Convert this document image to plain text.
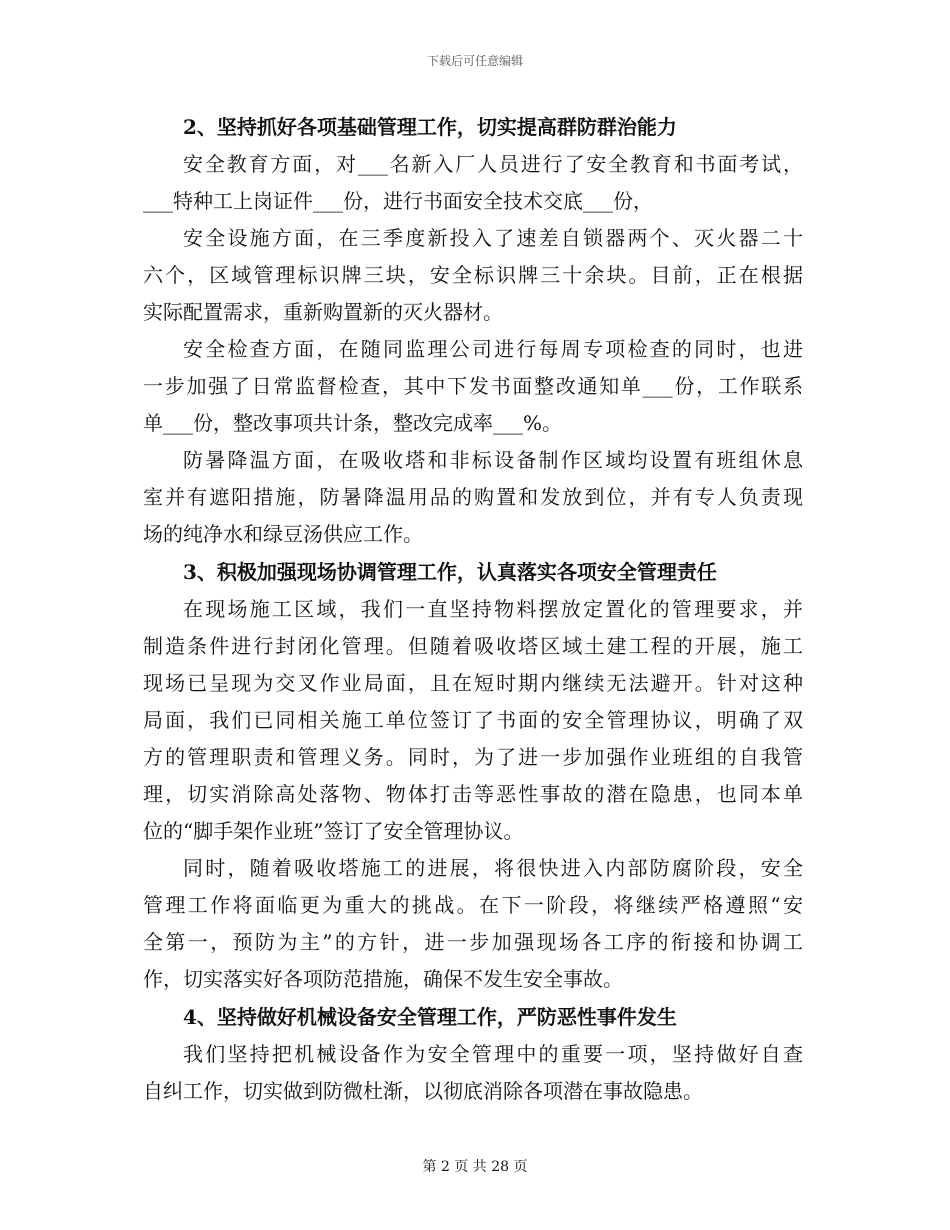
下载后可任意编辑
2、坚持抓好各项基础管理工作，切实提高群防群治能力
安全教育方面，对___名新入厂人员进行了安全教育和书面考试，
___特种工上岗证件___份，进行书面安全技术交底___份，
安全设施方面，在三季度新投入了速差自锁器两个、灭火器二十
六个，区域管理标识牌三块，安全标识牌三十余块。目前，正在根据
实际配置需求，重新购置新的灭火器材。
安全检查方面，在随同监理公司进行每周专项检查的同时，也进
一步加强了日常监督检查，其中下发书面整改通知单___份，工作联系
单___份，整改事项共计条，整改完成率___%。
防暑降温方面，在吸收塔和非标设备制作区域均设置有班组休息
室并有遮阳措施，防暑降温用品的购置和发放到位，并有专人负责现
场的纯净水和绿豆汤供应工作。
3、积极加强现场协调管理工作，认真落实各项安全管理责任
在现场施工区域，我们一直坚持物料摆放定置化的管理要求，并
制造条件进行封闭化管理。但随着吸收塔区域土建工程的开展，施工
现场已呈现为交叉作业局面，且在短时期内继续无法避开。针对这种
局面，我们已同相关施工单位签订了书面的安全管理协议，明确了双
方的管理职责和管理义务。同时，为了进一步加强作业班组的自我管
理，切实消除高处落物、物体打击等恶性事故的潜在隐患，也同本单
位的“脚手架作业班”签订了安全管理协议。
同时，随着吸收塔施工的进展，将很快进入内部防腐阶段，安全
管理工作将面临更为重大的挑战。在下一阶段，将继续严格遵照“安
全第一，预防为主”的方针，进一步加强现场各工序的衔接和协调工
作，切实落实好各项防范措施，确保不发生安全事故。
4、坚持做好机械设备安全管理工作，严防恶性事件发生
我们坚持把机械设备作为安全管理中的重要一项，坚持做好自查
自纠工作，切实做到防微杜渐，以彻底消除各项潜在事故隐患。
第 2 页 共 28 页
